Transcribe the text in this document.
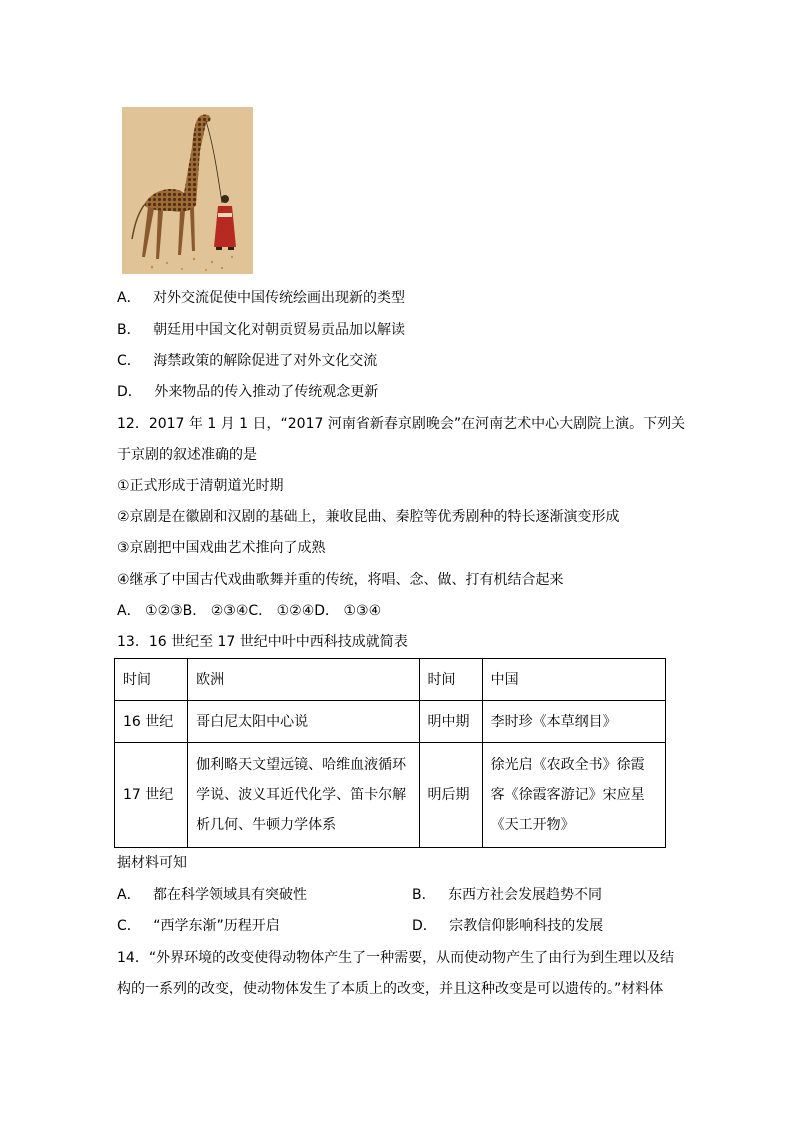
A． 对外交流促使中国传统绘画出现新的类型
B． 朝廷用中国文化对朝贡贸易贡品加以解读
C． 海禁政策的解除促进了对外文化交流
D． 外来物品的传入推动了传统观念更新
12．2017 年 1 月 1 日，“2017 河南省新春京剧晚会”在河南艺术中心大剧院上演。下列关
于京剧的叙述准确的是
①正式形成于清朝道光时期
②京剧是在徽剧和汉剧的基础上，兼收昆曲、秦腔等优秀剧种的特长逐渐演变形成
③京剧把中国戏曲艺术推向了成熟
④继承了中国古代戏曲歌舞并重的传统，将唱、念、做、打有机结合起来
A． ①②③B． ②③④C． ①②④D． ①③④
13．16 世纪至 17 世纪中叶中西科技成就简表
时间	欧洲	时间	中国
16 世纪	哥白尼太阳中心说	明中期	李时珍《本草纲目》
17 世纪	伽利略天文望远镜、哈维血液循环学说、波义耳近代化学、笛卡尔解析几何、牛顿力学体系	明后期	徐光启《农政全书》徐霞客《徐霞客游记》宋应星《天工开物》
据材料可知
A． 都在科学领域具有突破性	B． 东西方社会发展趋势不同
C． “西学东渐”历程开启	D． 宗教信仰影响科技的发展
14．“外界环境的改变使得动物体产生了一种需要，从而使动物产生了由行为到生理以及结
构的一系列的改变，使动物体发生了本质上的改变，并且这种改变是可以遗传的。”材料体
